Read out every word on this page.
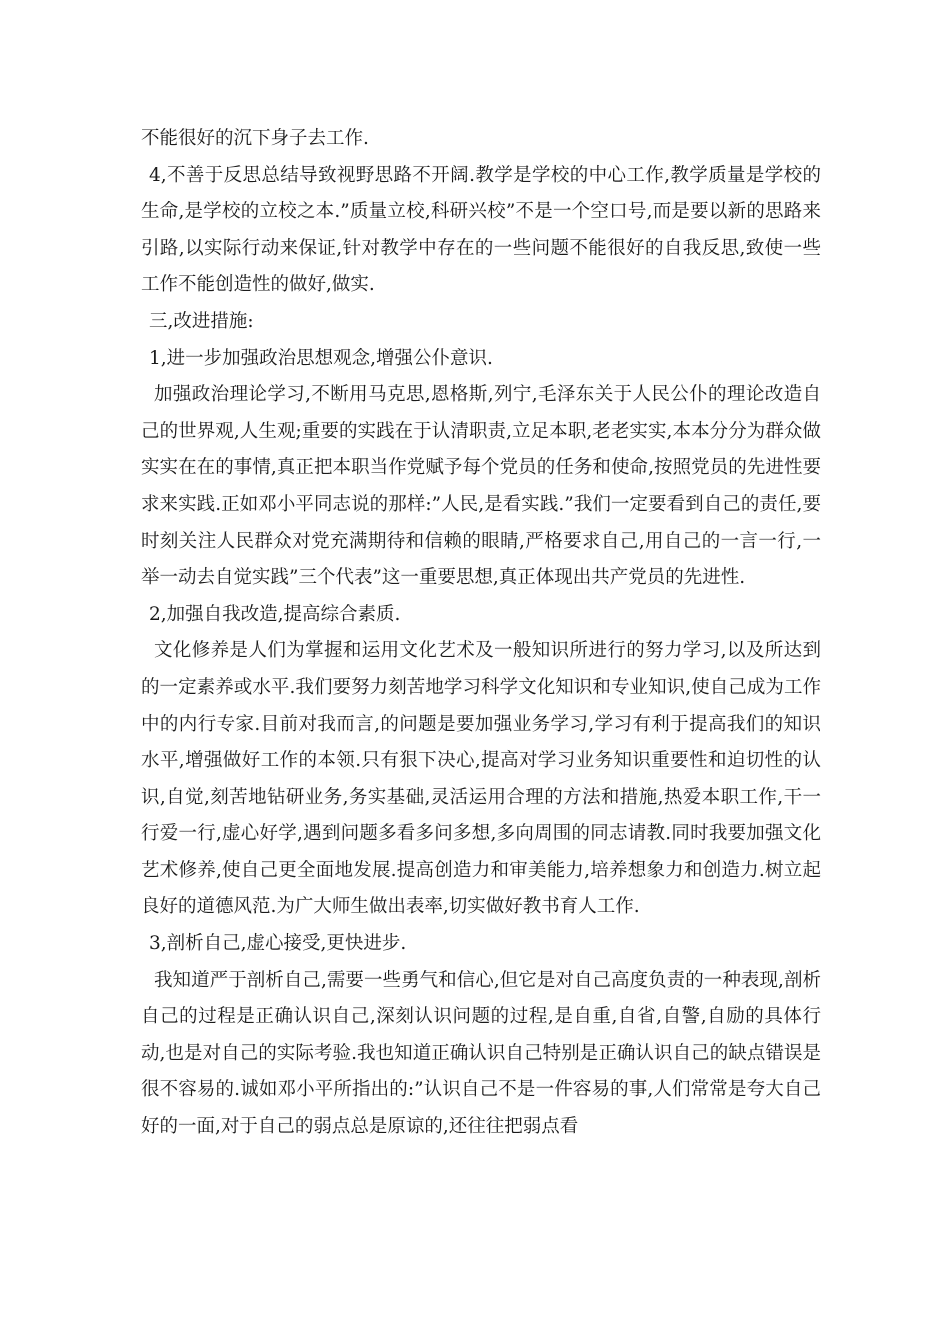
不能很好的沉下身子去工作.

4,不善于反思总结导致视野思路不开阔.教学是学校的中心工作,教学质量是学校的生命,是学校的立校之本.”质量立校,科研兴校”不是一个空口号,而是要以新的思路来引路,以实际行动来保证,针对教学中存在的一些问题不能很好的自我反思,致使一些工作不能创造性的做好,做实.

三,改进措施:

1,进一步加强政治思想观念,增强公仆意识.

加强政治理论学习,不断用马克思,恩格斯,列宁,毛泽东关于人民公仆的理论改造自己的世界观,人生观;重要的实践在于认清职责,立足本职,老老实实,本本分分为群众做实实在在的事情,真正把本职当作党赋予每个党员的任务和使命,按照党员的先进性要求来实践.正如邓小平同志说的那样:”人民,是看实践.”我们一定要看到自己的责任,要时刻关注人民群众对党充满期待和信赖的眼睛,严格要求自己,用自己的一言一行,一举一动去自觉实践”三个代表”这一重要思想,真正体现出共产党员的先进性.

2,加强自我改造,提高综合素质.

文化修养是人们为掌握和运用文化艺术及一般知识所进行的努力学习,以及所达到的一定素养或水平.我们要努力刻苦地学习科学文化知识和专业知识,使自己成为工作中的内行专家.目前对我而言,的问题是要加强业务学习,学习有利于提高我们的知识水平,增强做好工作的本领.只有狠下决心,提高对学习业务知识重要性和迫切性的认识,自觉,刻苦地钻研业务,务实基础,灵活运用合理的方法和措施,热爱本职工作,干一行爱一行,虚心好学,遇到问题多看多问多想,多向周围的同志请教.同时我要加强文化艺术修养,使自己更全面地发展.提高创造力和审美能力,培养想象力和创造力.树立起良好的道德风范.为广大师生做出表率,切实做好教书育人工作.

3,剖析自己,虚心接受,更快进步.

我知道严于剖析自己,需要一些勇气和信心,但它是对自己高度负责的一种表现,剖析自己的过程是正确认识自己,深刻认识问题的过程,是自重,自省,自警,自励的具体行动,也是对自己的实际考验.我也知道正确认识自己特别是正确认识自己的缺点错误是很不容易的.诚如邓小平所指出的:”认识自己不是一件容易的事,人们常常是夸大自己好的一面,对于自己的弱点总是原谅的,还往往把弱点看
